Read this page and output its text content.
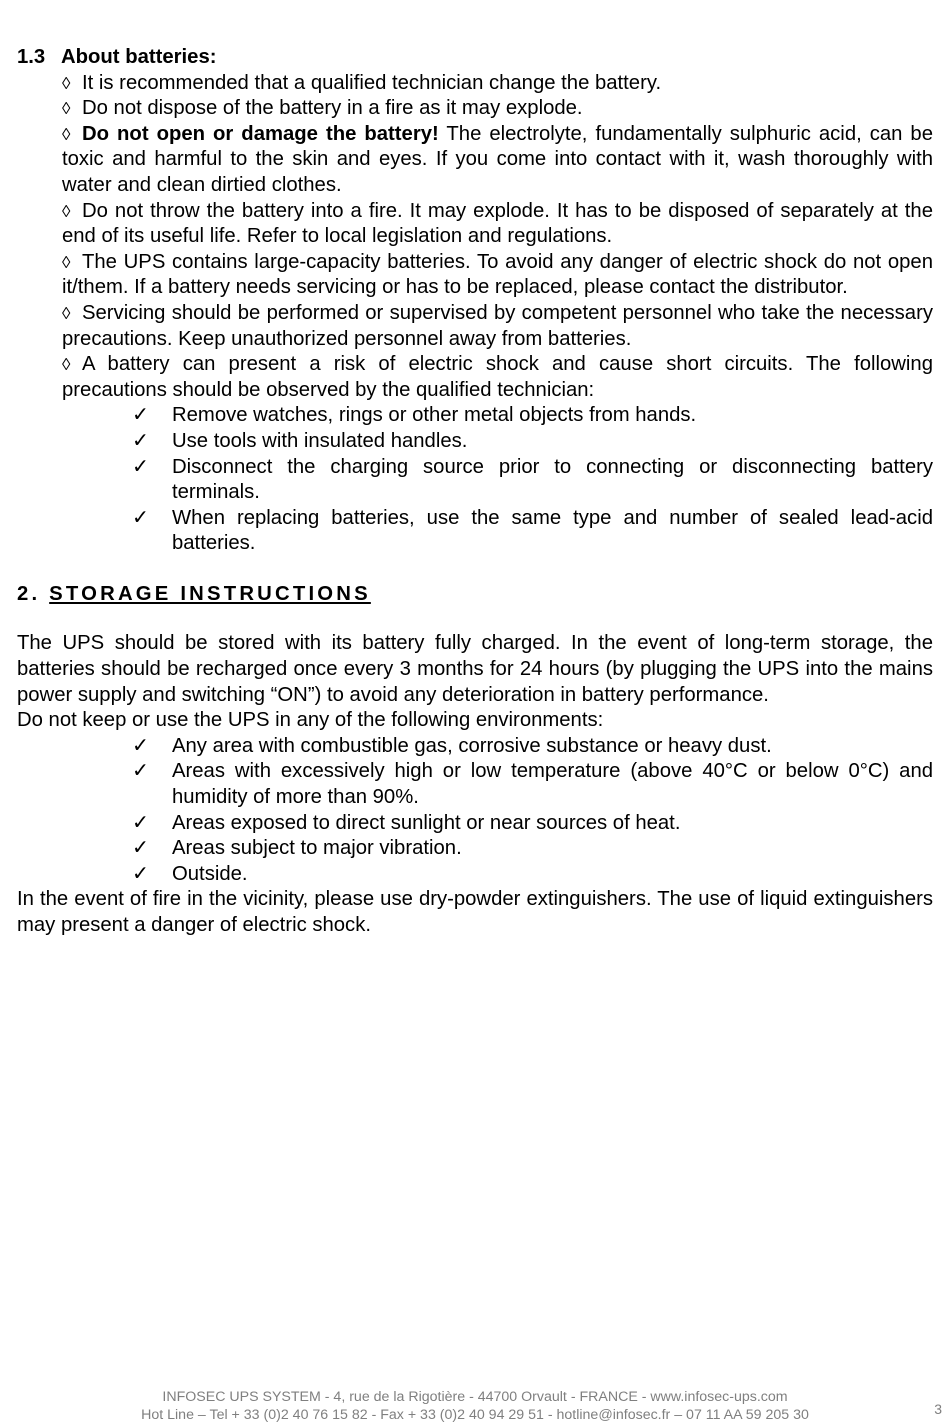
1.3 About batteries:
◊ It is recommended that a qualified technician change the battery.
◊ Do not dispose of the battery in a fire as it may explode.
◊ Do not open or damage the battery! The electrolyte, fundamentally sulphuric acid, can be toxic and harmful to the skin and eyes. If you come into contact with it, wash thoroughly with water and clean dirtied clothes.
◊ Do not throw the battery into a fire. It may explode. It has to be disposed of separately at the end of its useful life. Refer to local legislation and regulations.
◊ The UPS contains large-capacity batteries. To avoid any danger of electric shock do not open it/them. If a battery needs servicing or has to be replaced, please contact the distributor.
◊ Servicing should be performed or supervised by competent personnel who take the necessary precautions. Keep unauthorized personnel away from batteries.
◊ A battery can present a risk of electric shock and cause short circuits. The following precautions should be observed by the qualified technician:
✓	Remove watches, rings or other metal objects from hands.
✓	Use tools with insulated handles.
✓	Disconnect the charging source prior to connecting or disconnecting battery terminals.
✓	When replacing batteries, use the same type and number of sealed lead-acid batteries.
2. STORAGE INSTRUCTIONS
The UPS should be stored with its battery fully charged. In the event of long-term storage, the batteries should be recharged once every 3 months for 24 hours (by plugging the UPS into the mains power supply and switching “ON”) to avoid any deterioration in battery performance.
Do not keep or use the UPS in any of the following environments:
✓	Any area with combustible gas, corrosive substance or heavy dust.
✓	Areas with excessively high or low temperature (above 40°C or below 0°C) and humidity of more than 90%.
✓	Areas exposed to direct sunlight or near sources of heat.
✓	Areas subject to major vibration.
✓	Outside.
In the event of fire in the vicinity, please use dry-powder extinguishers. The use of liquid extinguishers may present a danger of electric shock.
INFOSEC UPS SYSTEM - 4, rue de la Rigotière - 44700 Orvault - FRANCE - www.infosec-ups.com
Hot Line – Tel + 33 (0)2 40 76 15 82 - Fax + 33 (0)2 40 94 29 51 - hotline@infosec.fr – 07 11 AA 59 205 30	3
